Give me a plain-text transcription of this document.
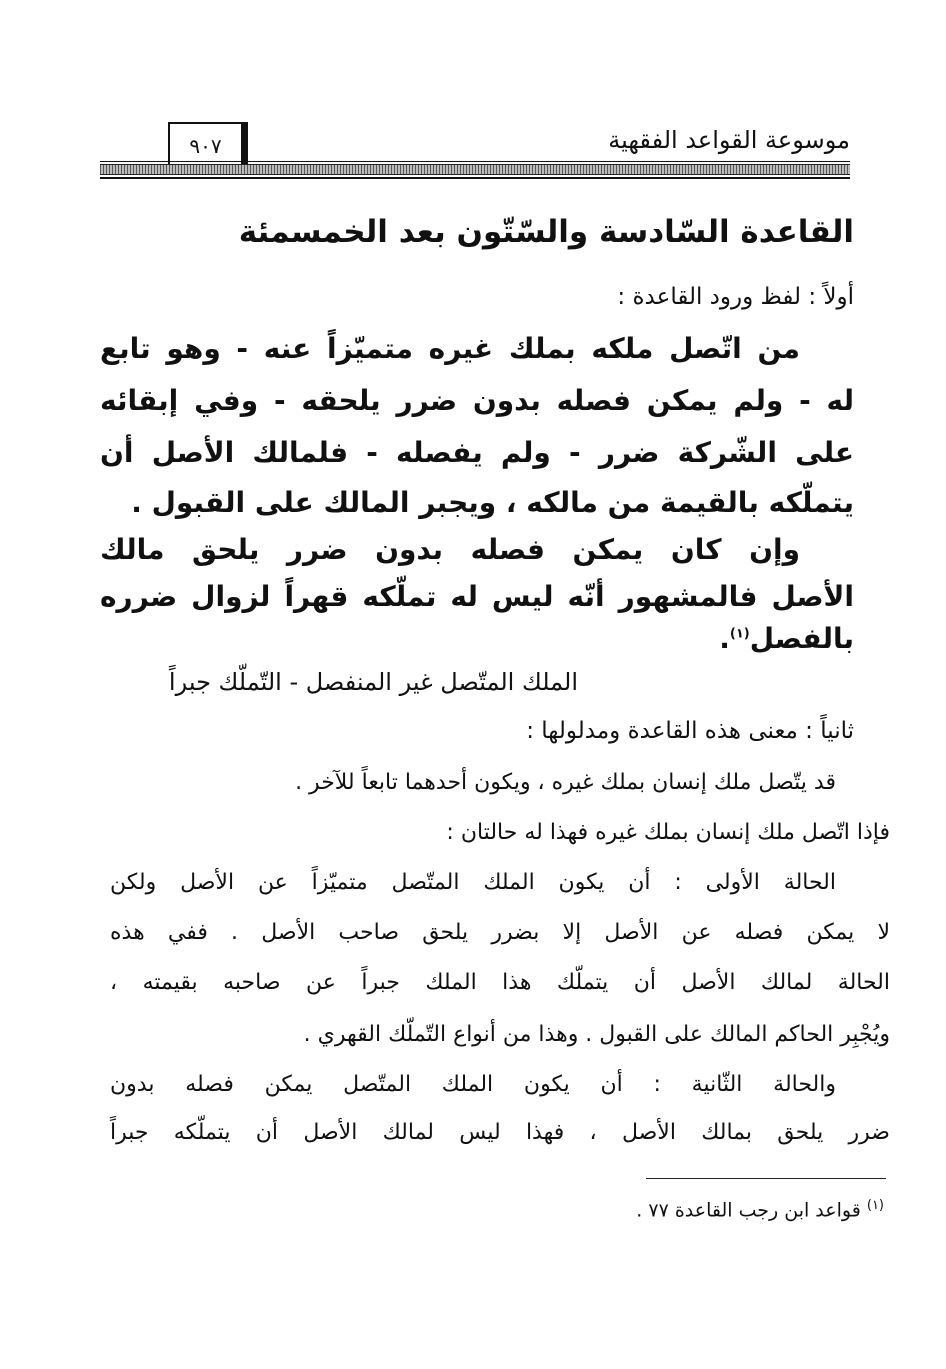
موسوعة القواعد الفقهية
٩٠٧
القاعدة السّادسة والسّتّون بعد الخمسمئة
أولاً : لفظ ورود القاعدة :
من اتّصل ملكه بملك غيره متميّزاً عنه - وهو تابع
له - ولم يمكن فصله بدون ضرر يلحقه - وفي إبقائه
على الشّركة ضرر - ولم يفصله - فلمالك الأصل أن
يتملّكه بالقيمة من مالكه ، ويجبر المالك على القبول .
وإن كان يمكن فصله بدون ضرر يلحق مالك
الأصل فالمشهور أنّه ليس له تملّكه قهراً لزوال ضرره
بالفصل$^{(١)}$.
الملك المتّصل غير المنفصل - التّملّك جبراً
ثانياً : معنى هذه القاعدة ومدلولها :
قد يتّصل ملك إنسان بملك غيره ، ويكون أحدهما تابعاً للآخر .
فإذا اتّصل ملك إنسان بملك غيره فهذا له حالتان :
الحالة الأولى : أن يكون الملك المتّصل متميّزاً عن الأصل ولكن
لا يمكن فصله عن الأصل إلا بضرر يلحق صاحب الأصل . ففي هذه
الحالة لمالك الأصل أن يتملّك هذا الملك جبراً عن صاحبه بقيمته ،
ويُجْبِر الحاكم المالك على القبول . وهذا من أنواع التّملّك القهري .
والحالة الثّانية : أن يكون الملك المتّصل يمكن فصله بدون
ضرر يلحق بمالك الأصل ، فهذا ليس لمالك الأصل أن يتملّكه جبراً
$^{(١)}$ قواعد ابن رجب القاعدة ٧٧ .
